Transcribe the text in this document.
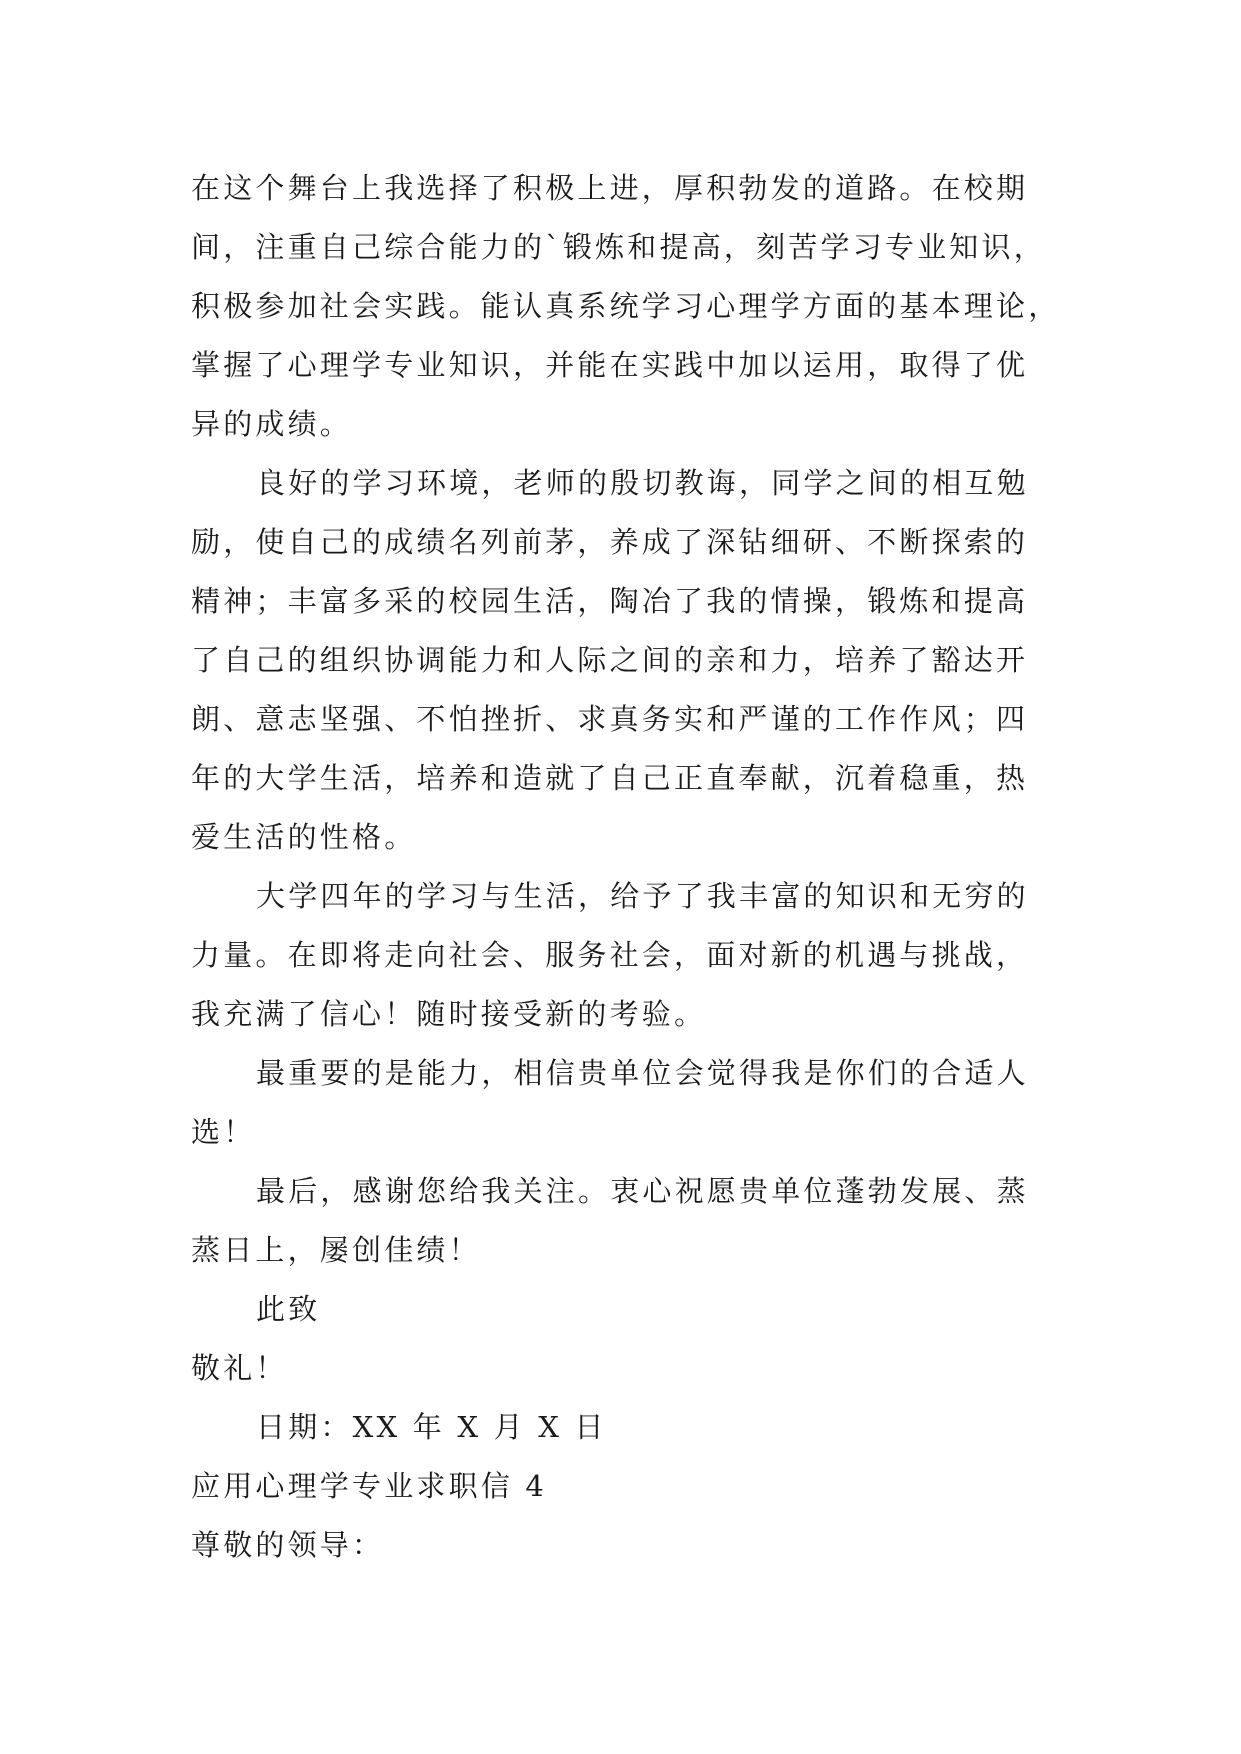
在这个舞台上我选择了积极上进，厚积勃发的道路。在校期
间，注重自己综合能力的`锻炼和提高，刻苦学习专业知识，
积极参加社会实践。能认真系统学习心理学方面的基本理论，
掌握了心理学专业知识，并能在实践中加以运用，取得了优
异的成绩。
良好的学习环境，老师的殷切教诲，同学之间的相互勉
励，使自己的成绩名列前茅，养成了深钻细研、不断探索的
精神；丰富多采的校园生活，陶冶了我的情操，锻炼和提高
了自己的组织协调能力和人际之间的亲和力，培养了豁达开
朗、意志坚强、不怕挫折、求真务实和严谨的工作作风；四
年的大学生活，培养和造就了自己正直奉献，沉着稳重，热
爱生活的性格。
大学四年的学习与生活，给予了我丰富的知识和无穷的
力量。在即将走向社会、服务社会，面对新的机遇与挑战，
我充满了信心！随时接受新的考验。
最重要的是能力，相信贵单位会觉得我是你们的合适人
选！
最后，感谢您给我关注。衷心祝愿贵单位蓬勃发展、蒸
蒸日上，屡创佳绩！
此致
敬礼！
日期：XX 年 X 月 X 日
应用心理学专业求职信 4
尊敬的领导：
